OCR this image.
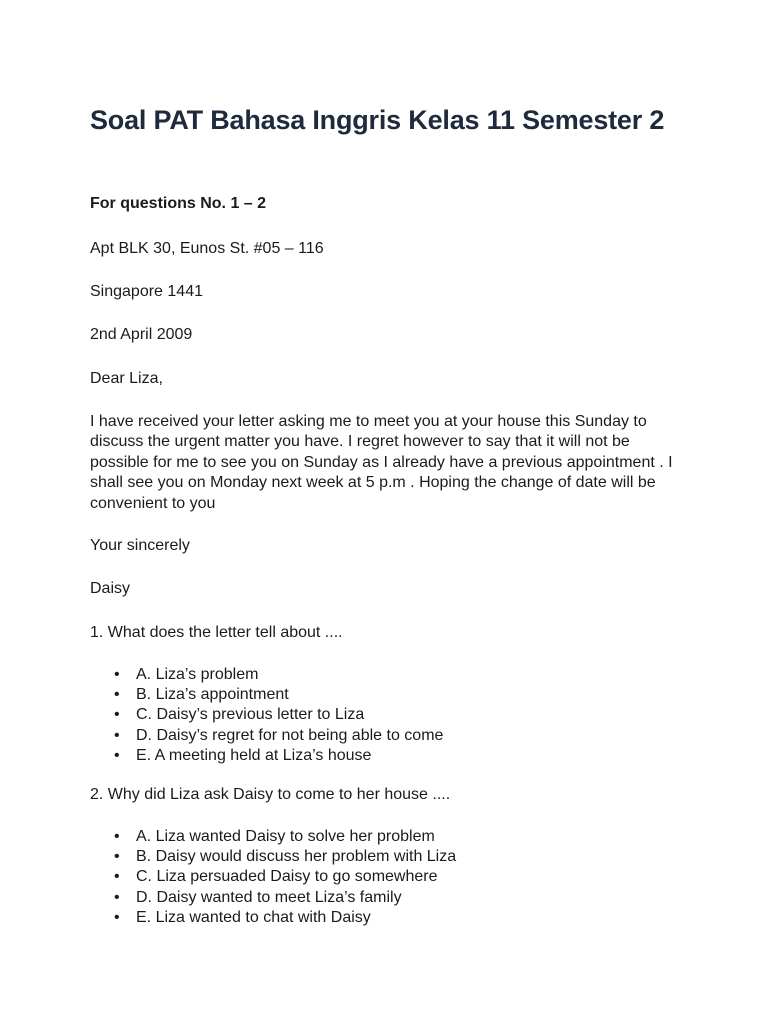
Soal PAT Bahasa Inggris Kelas 11 Semester 2

For questions No. 1 – 2

Apt BLK 30, Eunos St. #05 – 116

Singapore 1441

2nd April 2009

Dear Liza,

I have received your letter asking me to meet you at your house this Sunday to discuss the urgent matter you have. I regret however to say that it will not be possible for me to see you on Sunday as I already have a previous appointment . I shall see you on Monday next week at 5 p.m . Hoping the change of date will be convenient to you

Your sincerely

Daisy

1. What does the letter tell about ....

• A. Liza’s problem
• B. Liza’s appointment
• C. Daisy’s previous letter to Liza
• D. Daisy’s regret for not being able to come
• E. A meeting held at Liza’s house

2. Why did Liza ask Daisy to come to her house ....

• A. Liza wanted Daisy to solve her problem
• B. Daisy would discuss her problem with Liza
• C. Liza persuaded Daisy to go somewhere
• D. Daisy wanted to meet Liza’s family
• E. Liza wanted to chat with Daisy
